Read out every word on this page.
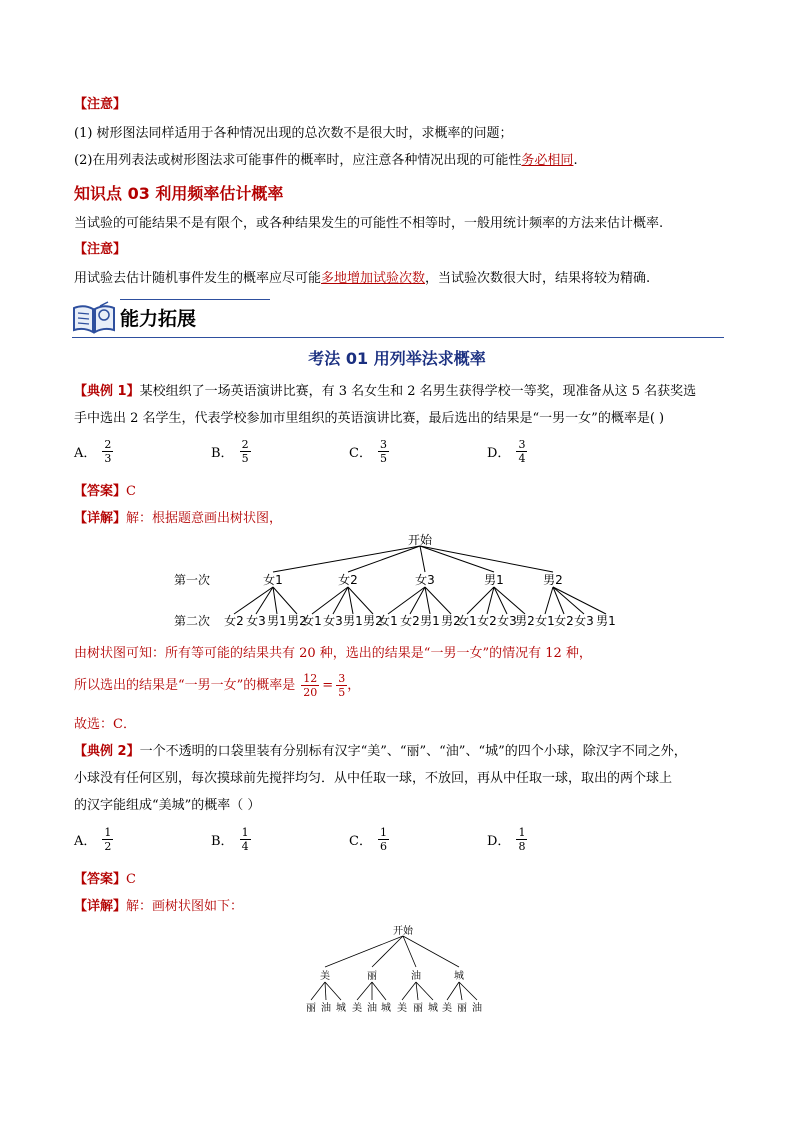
【注意】
(1) 树形图法同样适用于各种情况出现的总次数不是很大时，求概率的问题；
(2)在用列表法或树形图法求可能事件的概率时，应注意各种情况出现的可能性务必相同.
知识点 03 利用频率估计概率
当试验的可能结果不是有限个，或各种结果发生的可能性不相等时，一般用统计频率的方法来估计概率.
【注意】
用试验去估计随机事件发生的概率应尽可能多地增加试验次数，当试验次数很大时，结果将较为精确.
能力拓展
考法 01 用列举法求概率
【典例 1】某校组织了一场英语演讲比赛，有 3 名女生和 2 名男生获得学校一等奖，现准备从这 5 名获奖选
手中选出 2 名学生，代表学校参加市里组织的英语演讲比赛，最后选出的结果是“一男一女”的概率是( )
A． $\frac{2}{3}$	B． $\frac{2}{5}$	C． $\frac{3}{5}$	D． $\frac{3}{4}$
【答案】C
【详解】解：根据题意画出树状图，
开始
第一次
第二次
女1	女2	女3	男1	男2
女2 女3 男1 男2
女1 女3 男1 男2
女1 女2 男1 男2
女1 女2 女3
男2 女1 女2 女3 男1
由树状图可知：所有等可能的结果共有 20 种，选出的结果是“一男一女”的情况有 12 种，
所以选出的结果是“一男一女”的概率是 $\frac{12}{20} = \frac{3}{5}$ ，
故选：C．
【典例 2】一个不透明的口袋里装有分别标有汉字“美”、“丽”、“油”、“城”的四个小球，除汉字不同之外，
小球没有任何区别，每次摸球前先搅拌均匀．从中任取一球，不放回，再从中任取一球，取出的两个球上
的汉字能组成“美城”的概率（ ）
A． $\frac{1}{2}$	B． $\frac{1}{4}$	C． $\frac{1}{6}$	D． $\frac{1}{8}$
【答案】C
【详解】解：画树状图如下：
开始
美	丽	油	城
丽 油 城 美 油 城 美 丽 城 美 丽 油
